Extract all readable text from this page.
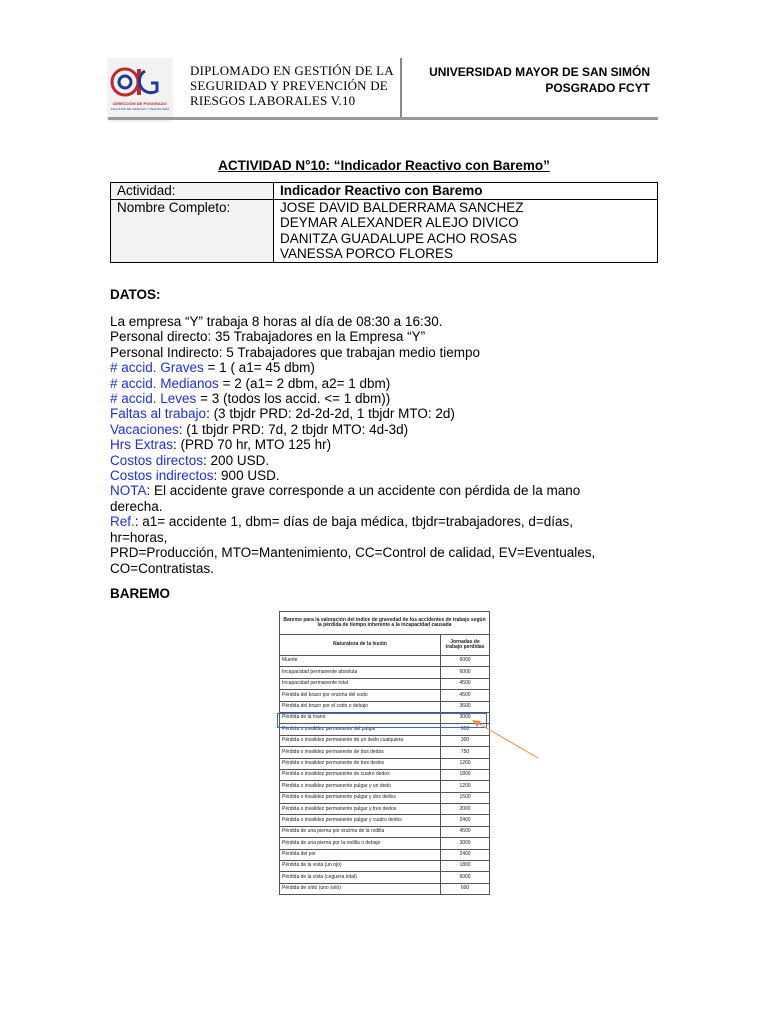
DIRECCIÓN DE POSGRADO
FACULTAD DE CIENCIAS Y TECNOLOGÍA
DIPLOMADO EN GESTIÓN DE LA
SEGURIDAD Y PREVENCIÓN DE
RIESGOS LABORALES V.10
UNIVERSIDAD MAYOR DE SAN SIMÓN
POSGRADO FCYT
ACTIVIDAD N°10: “Indicador Reactivo con Baremo”
Actividad:	Indicador Reactivo con Baremo
Nombre Completo:	JOSE DAVID BALDERRAMA SANCHEZ
DEYMAR ALEXANDER ALEJO DIVICO
DANITZA GUADALUPE ACHO ROSAS
VANESSA PORCO FLORES
DATOS:
La empresa “Y” trabaja 8 horas al día de 08:30 a 16:30.
Personal directo: 35 Trabajadores en la Empresa “Y”
Personal Indirecto: 5 Trabajadores que trabajan medio tiempo
# accid. Graves = 1 ( a1= 45 dbm)
# accid. Medianos = 2 (a1= 2 dbm, a2= 1 dbm)
# accid. Leves = 3 (todos los accid. <= 1 dbm))
Faltas al trabajo: (3 tbjdr PRD: 2d-2d-2d, 1 tbjdr MTO: 2d)
Vacaciones: (1 tbjdr PRD: 7d, 2 tbjdr MTO: 4d-3d)
Hrs Extras: (PRD 70 hr, MTO 125 hr)
Costos directos: 200 USD.
Costos indirectos: 900 USD.
NOTA: El accidente grave corresponde a un accidente con pérdida de la mano
derecha.
Ref.: a1= accidente 1, dbm= días de baja médica, tbjdr=trabajadores, d=días,
hr=horas,
PRD=Producción, MTO=Mantenimiento, CC=Control de calidad, EV=Eventuales,
CO=Contratistas.
BAREMO
Baremo para la valoración del índice de gravedad de los accidentes de trabajo según la pérdida de tiempo inherente a la incapacidad causada	
Naturaleza de la lesión	Jornadas de trabajo perdidas
Muerte	6000
Incapacidad permanente absoluta	6000
Incapacidad permanente total	4500
Pérdida del brazo por encima del codo	4500
Pérdida del brazo por el codo o debajo	3600
Pérdida de la mano	3000
Pérdida o invalidez permanente del pulgar	600
Pérdida o invalidez permanente de un dedo cualquiera	300
Pérdida o invalidez permanente de dos dedos	750
Pérdida o invalidez permanente de tres dedos	1200
Pérdida o invalidez permanente de cuatro dedos	1800
Pérdida o invalidez permanente pulgar y un dedo	1200
Pérdida o invalidez permanente pulgar y dos dedos	1500
Pérdida o invalidez permanente pulgar y tres dedos	2000
Pérdida o invalidez permanente pulgar y cuatro dedos	2400
Pérdida de una pierna por encima de la rodilla	4500
Pérdida de una pierna por la rodilla o debajo	3000
Pérdida del pie	2400
Pérdida de la vista (un ojo)	1800
Pérdida de la vista (ceguera total)	6000
Pérdida de oído (uno solo)	600
